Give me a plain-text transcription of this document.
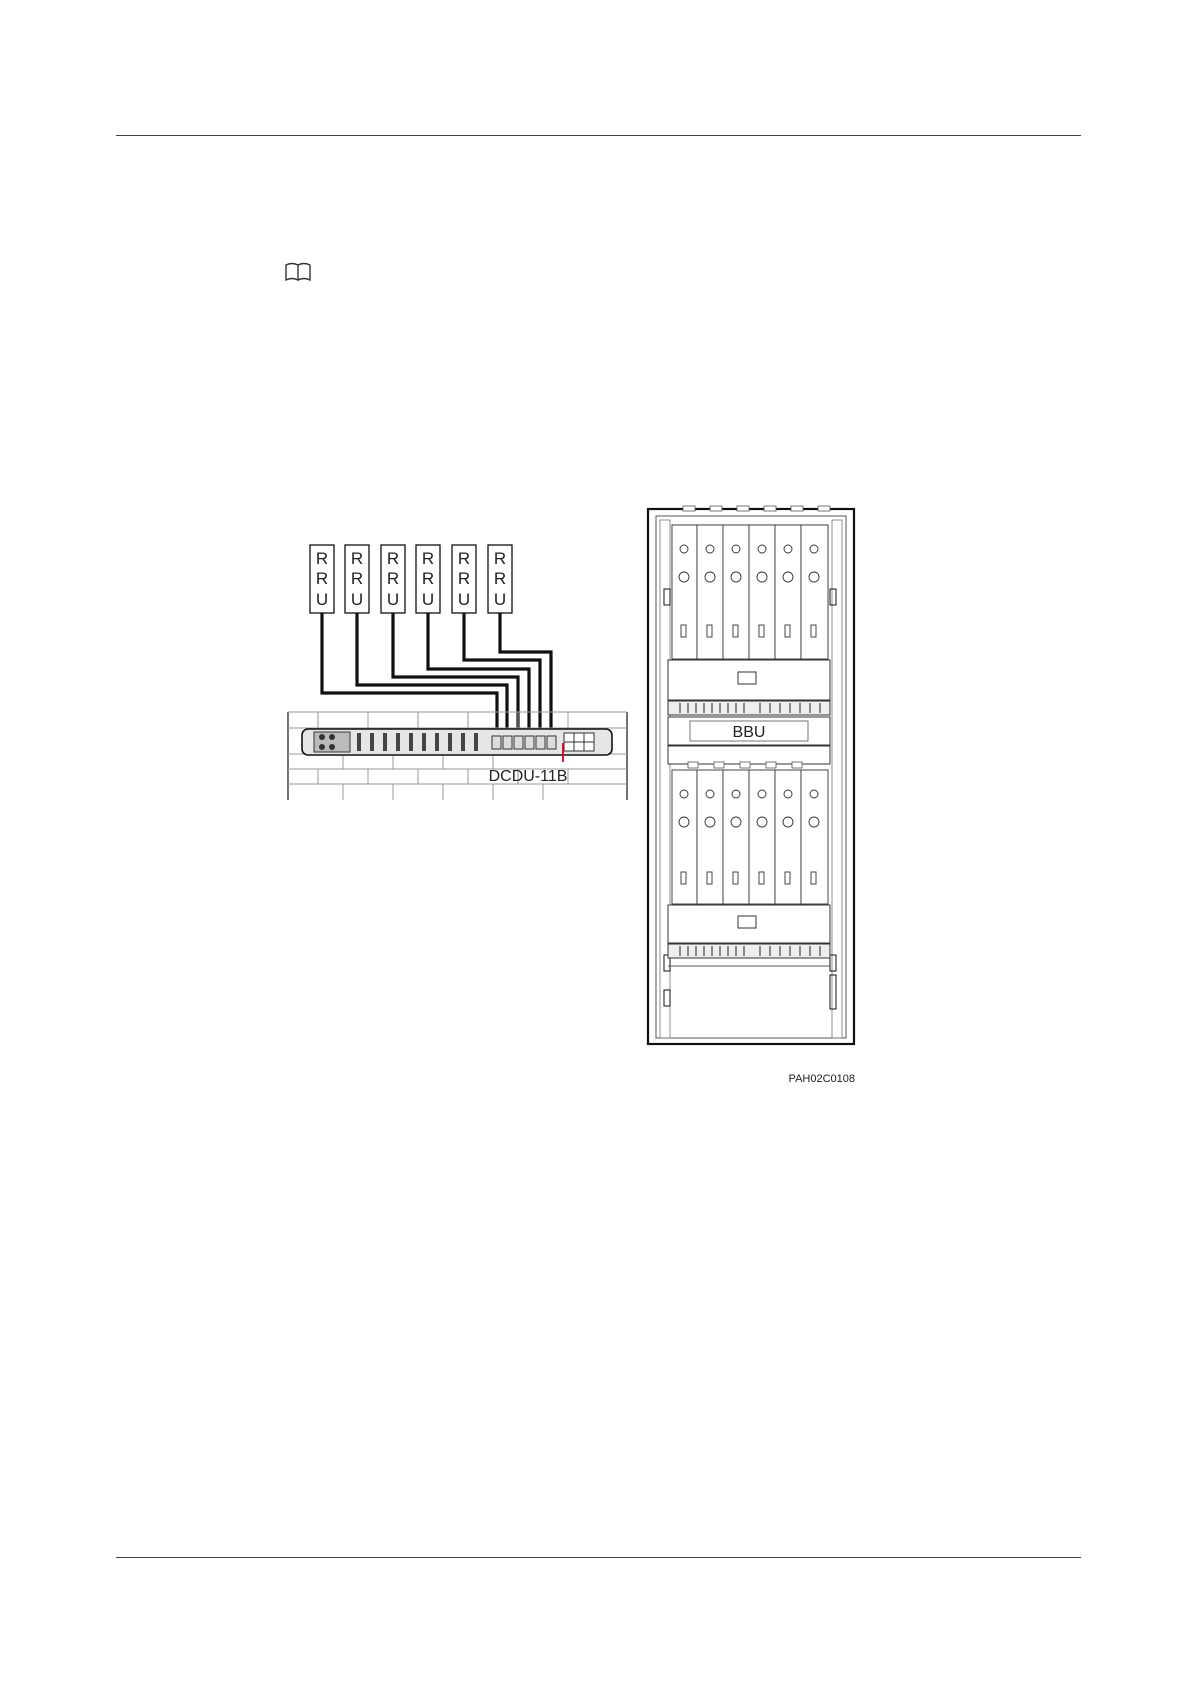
R
R
U
R
R
U
R
R
U
R
R
U
R
R
U
R
R
U
DCDU-11B
BBU
PAH02C0108
